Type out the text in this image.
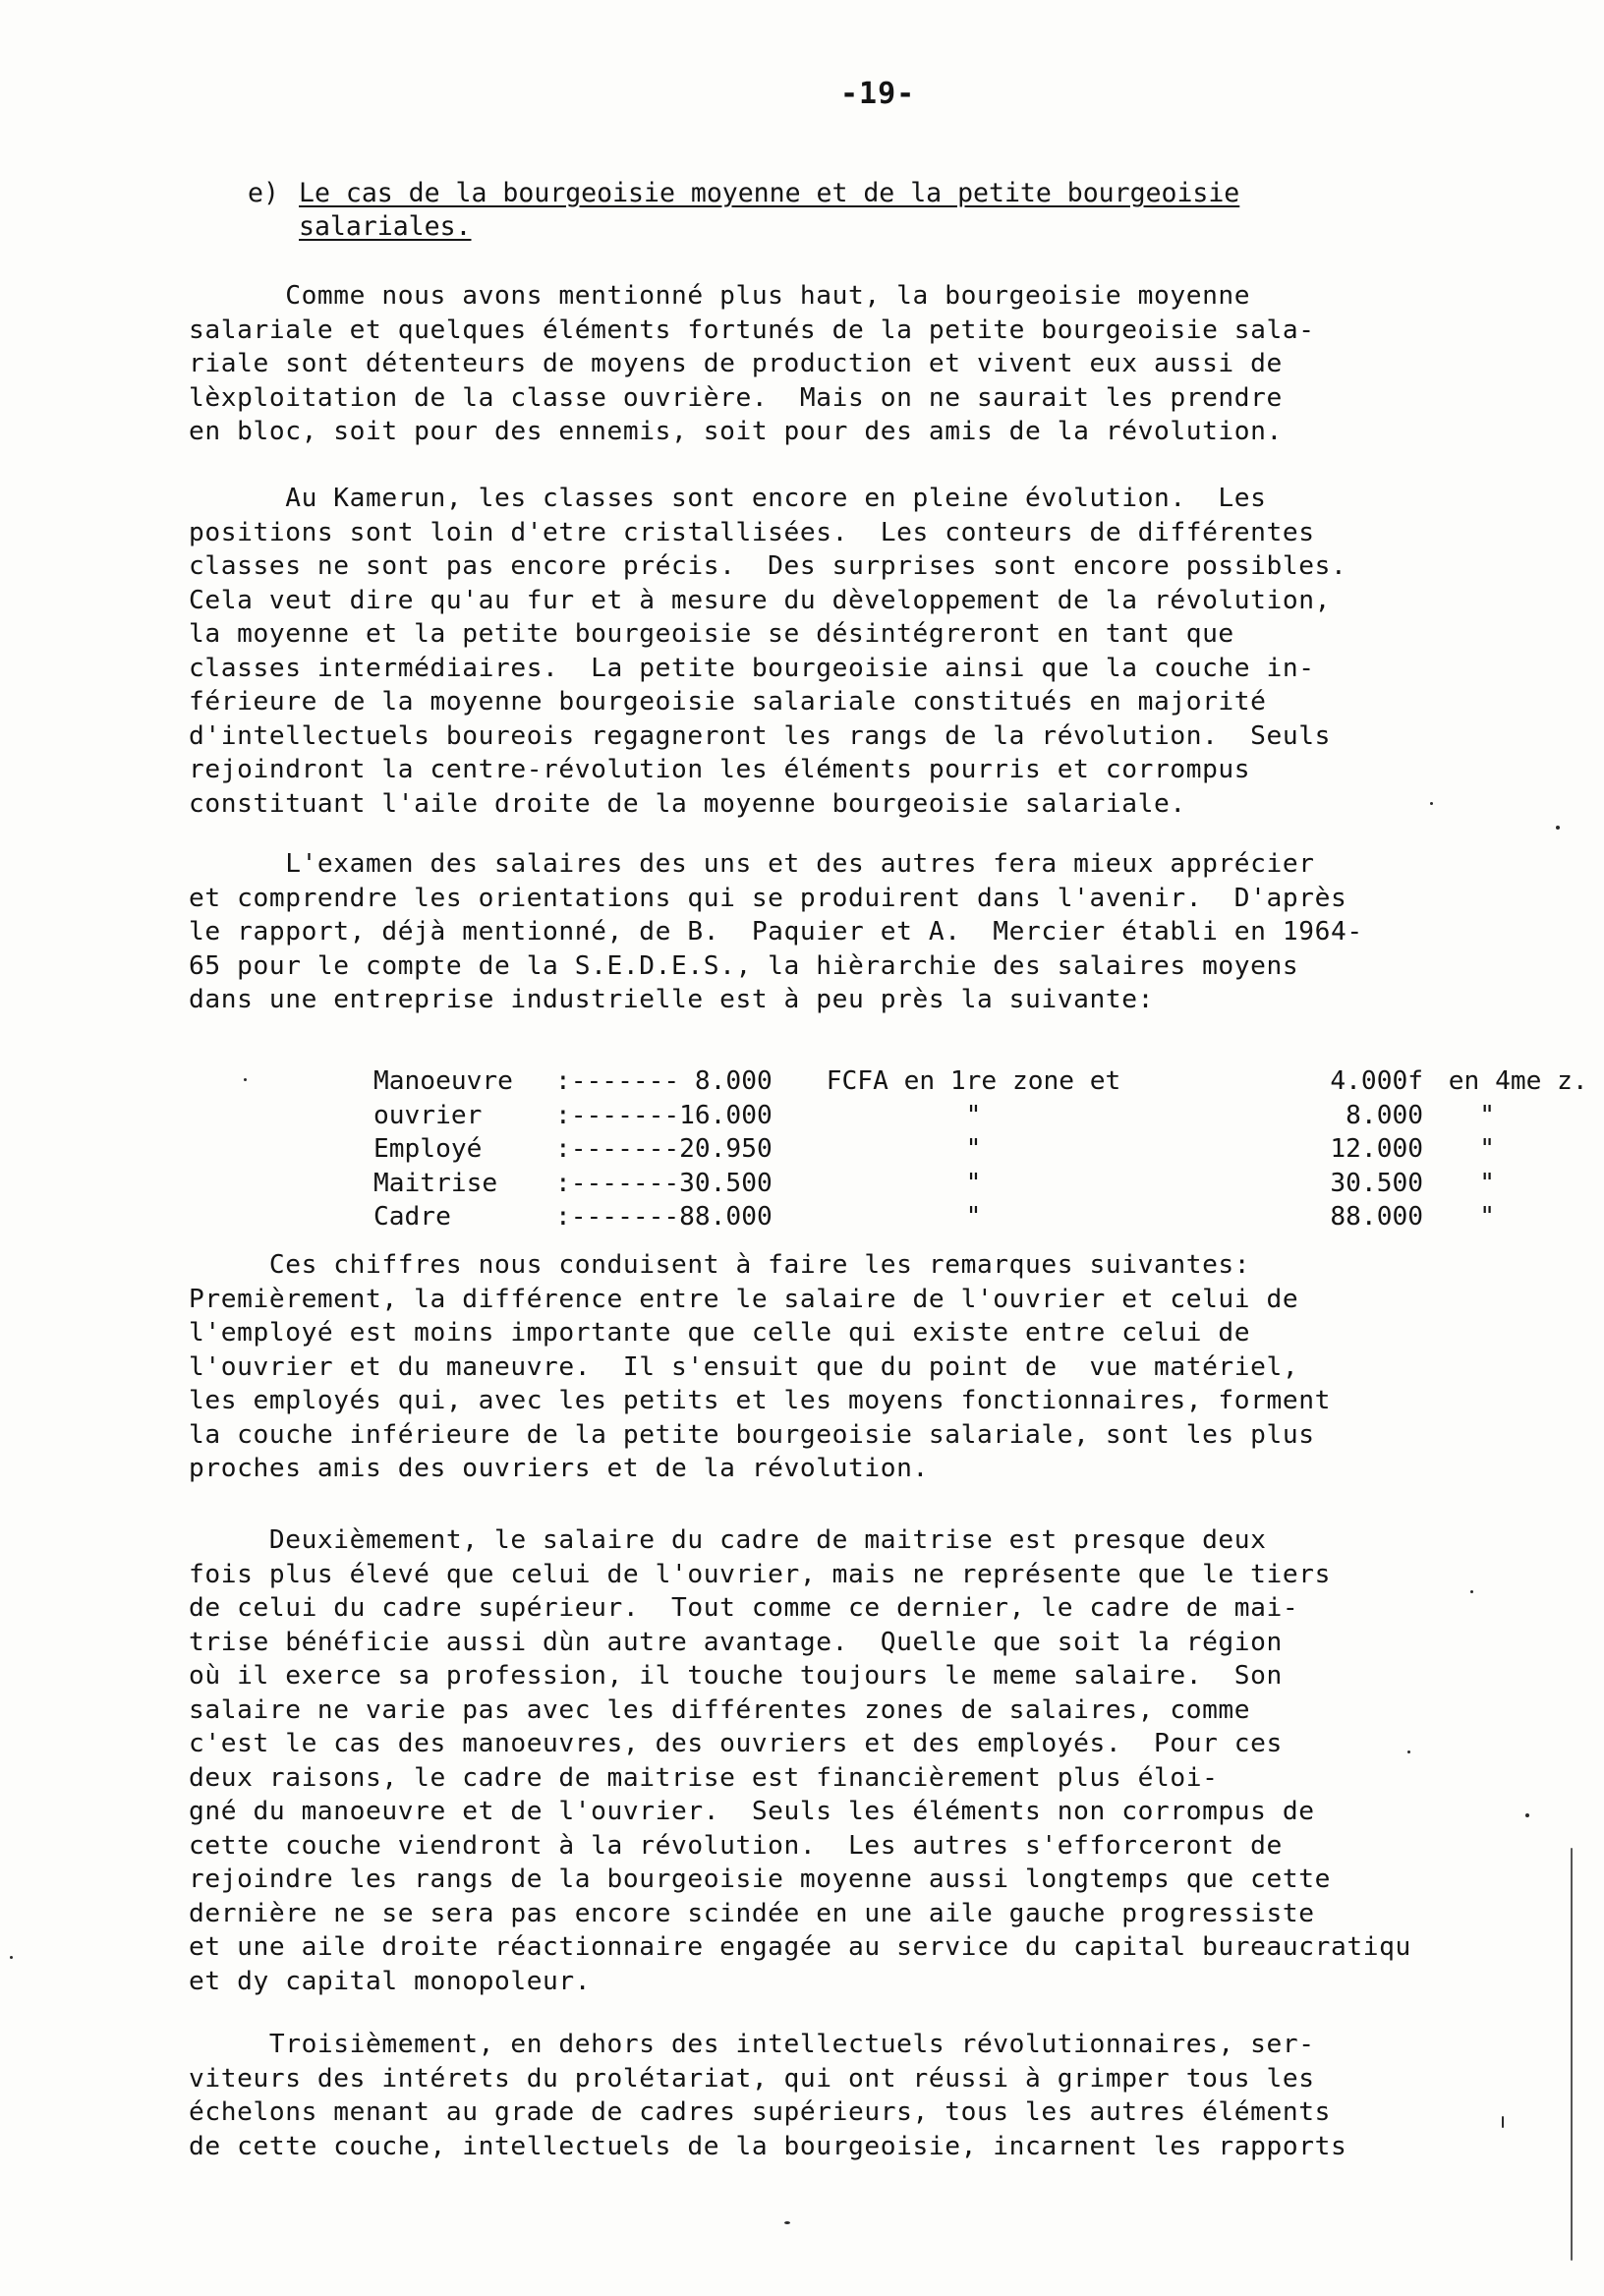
-19-
e) Le cas de la bourgeoisie moyenne et de la petite bourgeoisie
salariales.
Comme nous avons mentionné plus haut, la bourgeoisie moyenne
salariale et quelques éléments fortunés de la petite bourgeoisie sala-
riale sont détenteurs de moyens de production et vivent eux aussi de
lèxploitation de la classe ouvrière.  Mais on ne saurait les prendre
en bloc, soit pour des ennemis, soit pour des amis de la révolution.
Au Kamerun, les classes sont encore en pleine évolution.  Les
positions sont loin d'etre cristallisées.  Les conteurs de différentes
classes ne sont pas encore précis.  Des surprises sont encore possibles.
Cela veut dire qu'au fur et à mesure du dèveloppement de la révolution,
la moyenne et la petite bourgeoisie se désintégreront en tant que
classes intermédiaires.  La petite bourgeoisie ainsi que la couche in-
férieure de la moyenne bourgeoisie salariale constitués en majorité
d'intellectuels boureois regagneront les rangs de la révolution.  Seuls
rejoindront la centre-révolution les éléments pourris et corrompus
constituant l'aile droite de la moyenne bourgeoisie salariale.
L'examen des salaires des uns et des autres fera mieux apprécier
et comprendre les orientations qui se produirent dans l'avenir.  D'après
le rapport, déjà mentionné, de B.  Paquier et A.  Mercier établi en 1964-
65 pour le compte de la S.E.D.E.S., la hièrarchie des salaires moyens
dans une entreprise industrielle est à peu près la suivante:
Manoeuvre	:------- 8.000	FCFA en 1re zone et	4.000f	en 4me z.
ouvrier	:-------16.000	"	8.000	"
Employé	:-------20.950	"	12.000	"
Maitrise	:-------30.500	"	30.500	"
Cadre	:-------88.000	"	88.000	"
Ces chiffres nous conduisent à faire les remarques suivantes:
Premièrement, la différence entre le salaire de l'ouvrier et celui de
l'employé est moins importante que celle qui existe entre celui de
l'ouvrier et du maneuvre.  Il s'ensuit que du point de  vue matériel,
les employés qui, avec les petits et les moyens fonctionnaires, forment
la couche inférieure de la petite bourgeoisie salariale, sont les plus
proches amis des ouvriers et de la révolution.
Deuxièmement, le salaire du cadre de maitrise est presque deux
fois plus élevé que celui de l'ouvrier, mais ne représente que le tiers
de celui du cadre supérieur.  Tout comme ce dernier, le cadre de mai-
trise bénéficie aussi dùn autre avantage.  Quelle que soit la région
où il exerce sa profession, il touche toujours le meme salaire.  Son
salaire ne varie pas avec les différentes zones de salaires, comme
c'est le cas des manoeuvres, des ouvriers et des employés.  Pour ces
deux raisons, le cadre de maitrise est financièrement plus éloi-
gné du manoeuvre et de l'ouvrier.  Seuls les éléments non corrompus de
cette couche viendront à la révolution.  Les autres s'efforceront de
rejoindre les rangs de la bourgeoisie moyenne aussi longtemps que cette
dernière ne se sera pas encore scindée en une aile gauche progressiste
et une aile droite réactionnaire engagée au service du capital bureaucratiqu
et dy capital monopoleur.
Troisièmement, en dehors des intellectuels révolutionnaires, ser-
viteurs des intérets du prolétariat, qui ont réussi à grimper tous les
échelons menant au grade de cadres supérieurs, tous les autres éléments
de cette couche, intellectuels de la bourgeoisie, incarnent les rapports
